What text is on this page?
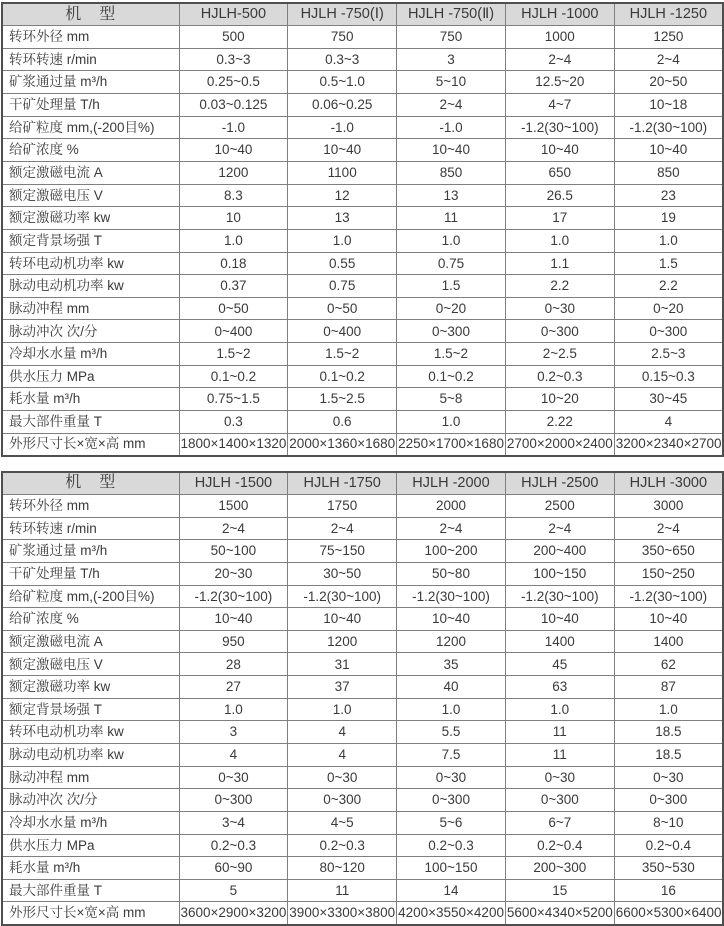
机　型	HJLH-500	HJLH -750(Ⅰ)	HJLH -750(Ⅱ)	HJLH -1000	HJLH -1250
转环外径 mm	500	750	750	1000	1250
转环转速 r/min	0.3~3	0.3~3	3	2~4	2~4
矿浆通过量 m³/h	0.25~0.5	0.5~1.0	5~10	12.5~20	20~50
干矿处理量 T/h	0.03~0.125	0.06~0.25	2~4	4~7	10~18
给矿粒度 mm,(-200目%)	-1.0	-1.0	-1.0	-1.2(30~100)	-1.2(30~100)
给矿浓度 %	10~40	10~40	10~40	10~40	10~40
额定激磁电流 A	1200	1100	850	650	850
额定激磁电压 V	8.3	12	13	26.5	23
额定激磁功率 kw	10	13	11	17	19
额定背景场强 T	1.0	1.0	1.0	1.0	1.0
转环电动机功率 kw	0.18	0.55	0.75	1.1	1.5
脉动电动机功率 kw	0.37	0.75	1.5	2.2	2.2
脉动冲程 mm	0~50	0~50	0~20	0~30	0~20
脉动冲次 次/分	0~400	0~400	0~300	0~300	0~300
冷却水水量 m³/h	1.5~2	1.5~2	1.5~2	2~2.5	2.5~3
供水压力 MPa	0.1~0.2	0.1~0.2	0.1~0.2	0.2~0.3	0.15~0.3
耗水量 m³/h	0.75~1.5	1.5~2.5	5~8	10~20	30~45
最大部件重量 T	0.3	0.6	1.0	2.22	4
外形尺寸长×宽×高 mm	1800×1400×1320	2000×1360×1680	2250×1700×1680	2700×2000×2400	3200×2340×2700
机　型	HJLH -1500	HJLH -1750	HJLH -2000	HJLH -2500	HJLH -3000
转环外径 mm	1500	1750	2000	2500	3000
转环转速 r/min	2~4	2~4	2~4	2~4	2~4
矿浆通过量 m³/h	50~100	75~150	100~200	200~400	350~650
干矿处理量 T/h	20~30	30~50	50~80	100~150	150~250
给矿粒度 mm,(-200目%)	-1.2(30~100)	-1.2(30~100)	-1.2(30~100)	-1.2(30~100)	-1.2(30~100)
给矿浓度 %	10~40	10~40	10~40	10~40	10~40
额定激磁电流 A	950	1200	1200	1400	1400
额定激磁电压 V	28	31	35	45	62
额定激磁功率 kw	27	37	40	63	87
额定背景场强 T	1.0	1.0	1.0	1.0	1.0
转环电动机功率 kw	3	4	5.5	11	18.5
脉动电动机功率 kw	4	4	7.5	11	18.5
脉动冲程 mm	0~30	0~30	0~30	0~30	0~30
脉动冲次 次/分	0~300	0~300	0~300	0~300	0~300
冷却水水量 m³/h	3~4	4~5	5~6	6~7	8~10
供水压力 MPa	0.2~0.3	0.2~0.3	0.2~0.3	0.2~0.4	0.2~0.4
耗水量 m³/h	60~90	80~120	100~150	200~300	350~530
最大部件重量 T	5	11	14	15	16
外形尺寸长×宽×高 mm	3600×2900×3200	3900×3300×3800	4200×3550×4200	5600×4340×5200	6600×5300×6400
